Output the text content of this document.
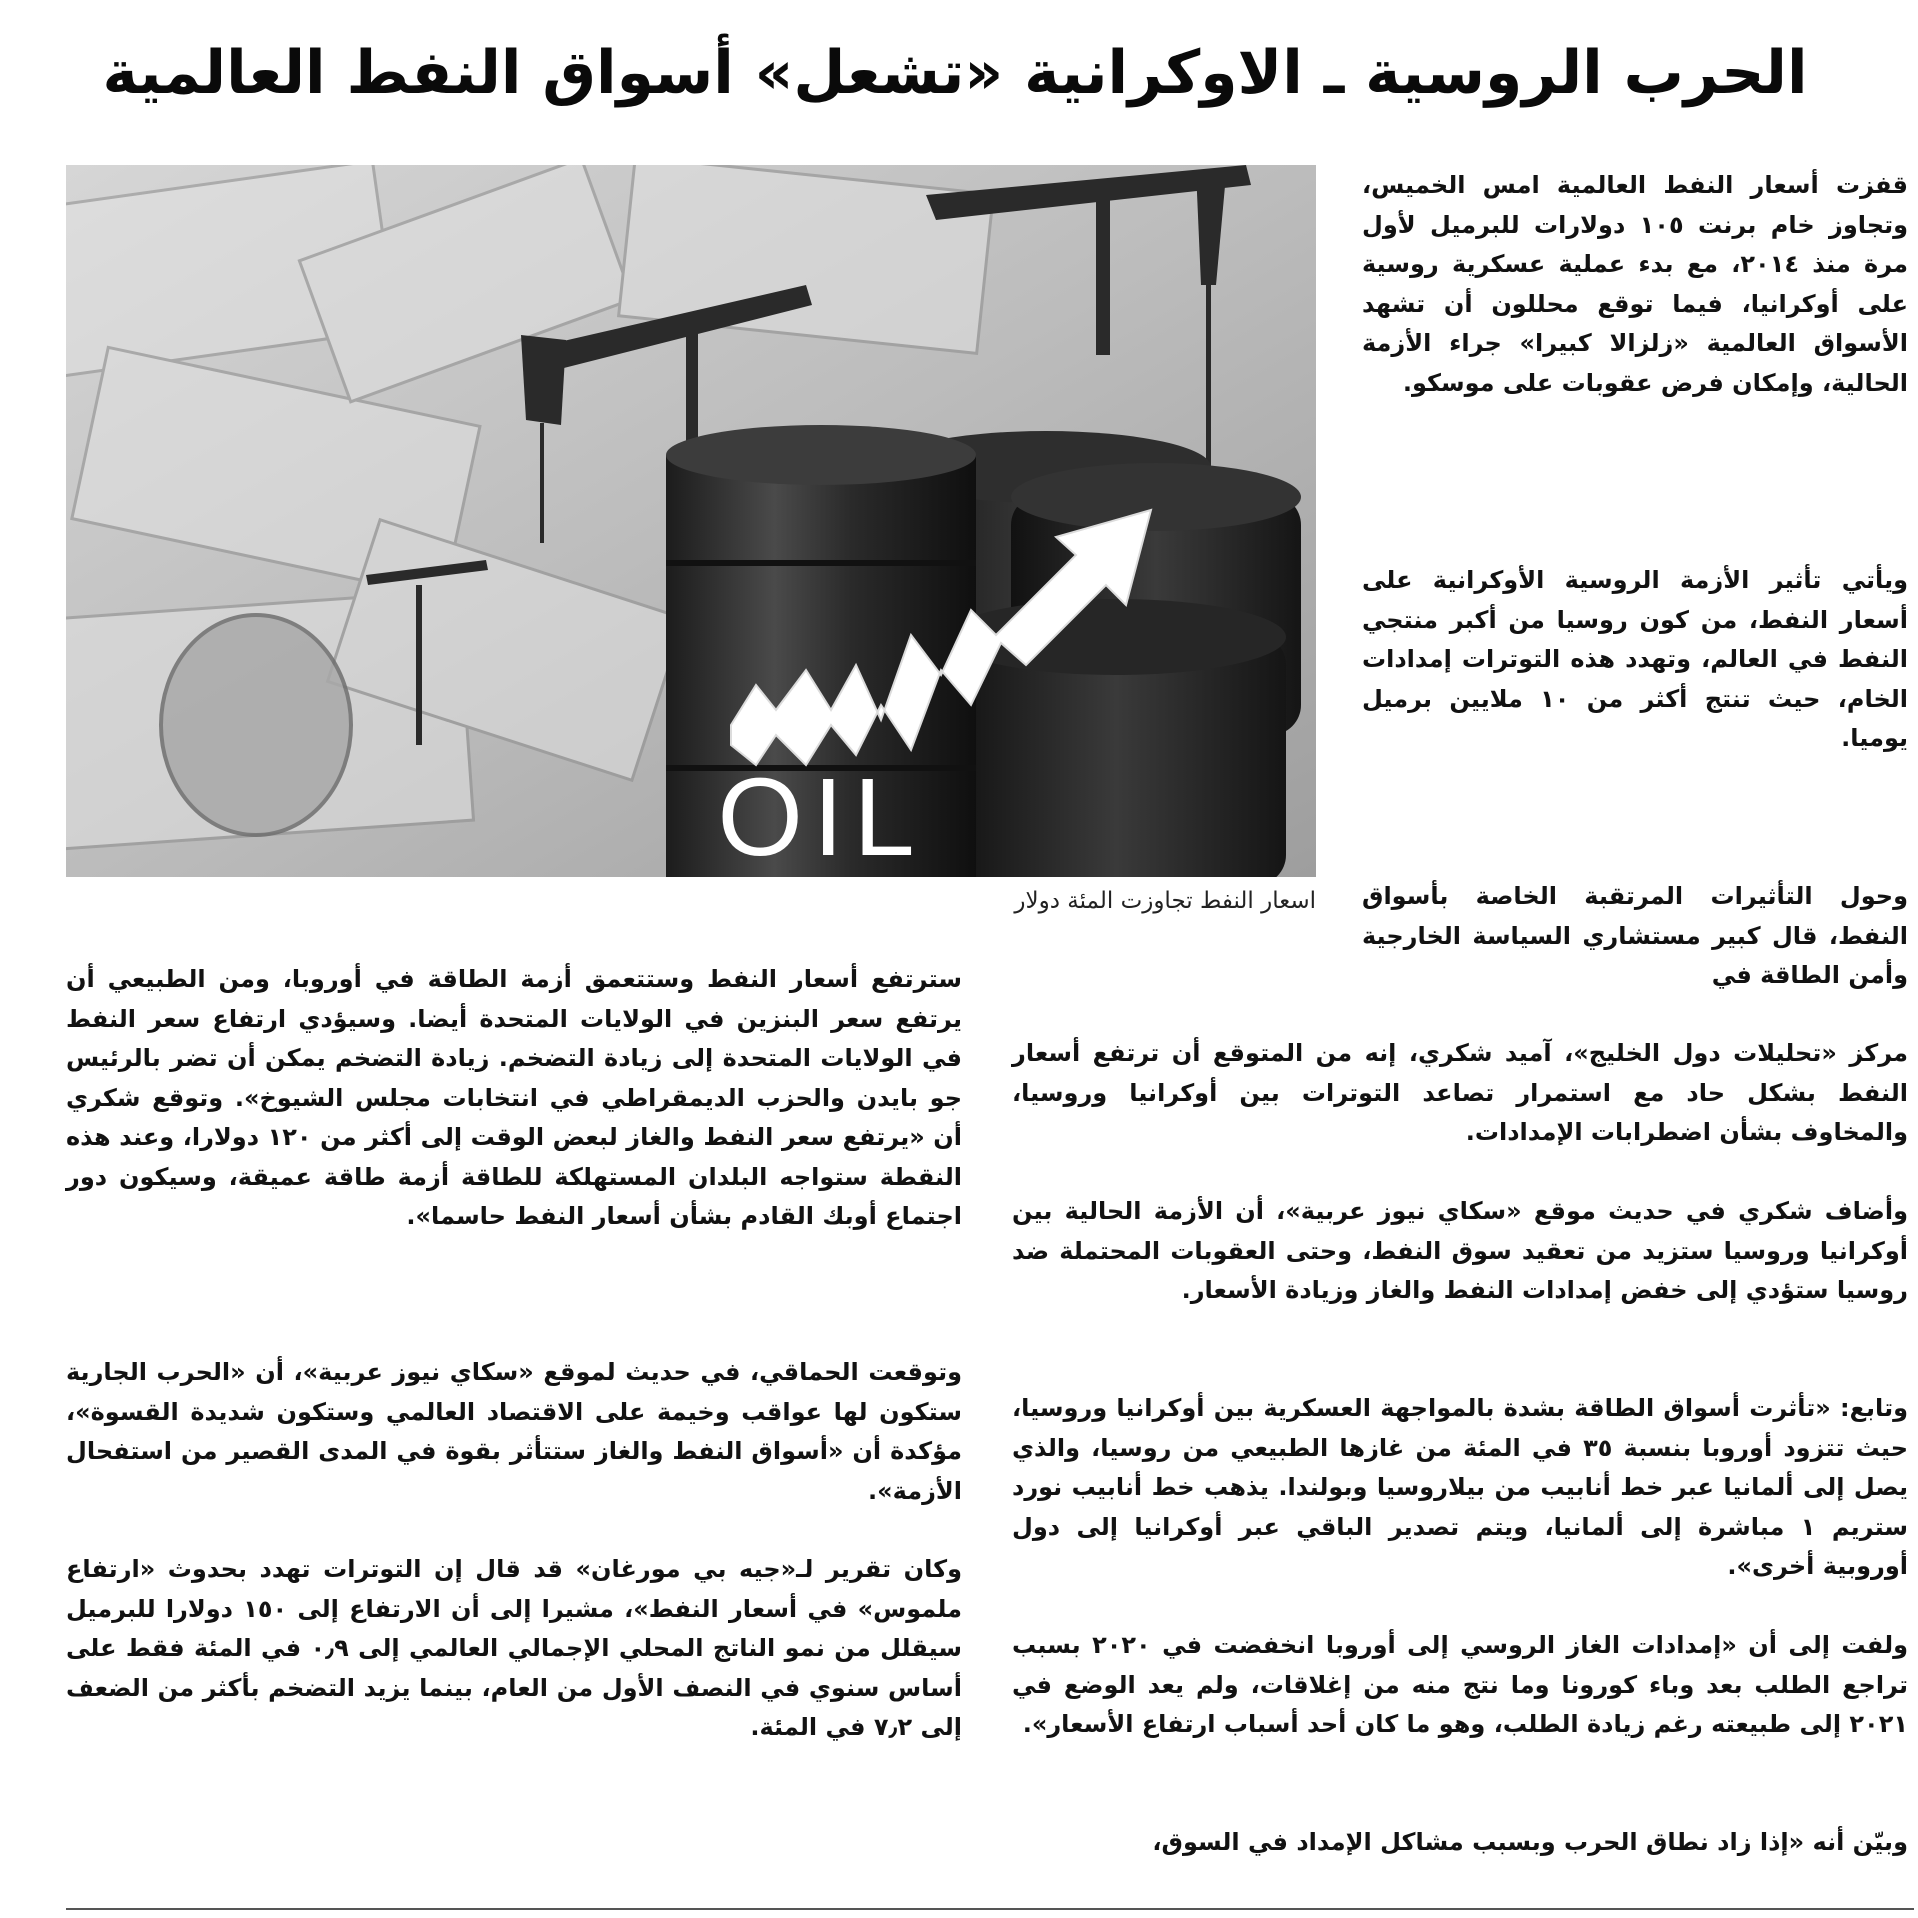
الحرب الروسية ـ الاوكرانية «تشعل» أسواق النفط العالمية

قفزت أسعار النفط العالمية امس الخميس، وتجاوز خام برنت ١٠٥ دولارات للبرميل لأول مرة منذ ٢٠١٤، مع بدء عملية عسكرية روسية على أوكرانيا، فيما توقع محللون أن تشهد الأسواق العالمية «زلزالا كبيرا» جراء الأزمة الحالية، وإمكان فرض عقوبات على موسكو.

ويأتي تأثير الأزمة الروسية الأوكرانية على أسعار النفط، من كون روسيا من أكبر منتجي النفط في العالم، وتهدد هذه التوترات إمدادات الخام، حيث تنتج أكثر من ١٠ ملايين برميل يوميا.

وحول التأثيرات المرتقبة الخاصة بأسواق النفط، قال كبير مستشاري السياسة الخارجية وأمن الطاقة في

مركز «تحليلات دول الخليج»، آميد شكري، إنه من المتوقع أن ترتفع أسعار النفط بشكل حاد مع استمرار تصاعد التوترات بين أوكرانيا وروسيا، والمخاوف بشأن اضطرابات الإمدادات.

وأضاف شكري في حديث موقع «سكاي نيوز عربية»، أن الأزمة الحالية بين أوكرانيا وروسيا ستزيد من تعقيد سوق النفط، وحتى العقوبات المحتملة ضد روسيا ستؤدي إلى خفض إمدادات النفط والغاز وزيادة الأسعار.

وتابع: «تأثرت أسواق الطاقة بشدة بالمواجهة العسكرية بين أوكرانيا وروسيا، حيث تتزود أوروبا بنسبة ٣٥ في المئة من غازها الطبيعي من روسيا، والذي يصل إلى ألمانيا عبر خط أنابيب من بيلاروسيا وبولندا. يذهب خط أنابيب نورد ستريم ١ مباشرة إلى ألمانيا، ويتم تصدير الباقي عبر أوكرانيا إلى دول أوروبية أخرى».

ولفت إلى أن «إمدادات الغاز الروسي إلى أوروبا انخفضت في ٢٠٢٠ بسبب تراجع الطلب بعد وباء كورونا وما نتج منه من إغلاقات، ولم يعد الوضع في ٢٠٢١ إلى طبيعته رغم زيادة الطلب، وهو ما كان أحد أسباب ارتفاع الأسعار».

وبيّن أنه «إذا زاد نطاق الحرب وبسبب مشاكل الإمداد في السوق،

سترتفع أسعار النفط وستتعمق أزمة الطاقة في أوروبا، ومن الطبيعي أن يرتفع سعر البنزين في الولايات المتحدة أيضا. وسيؤدي ارتفاع سعر النفط في الولايات المتحدة إلى زيادة التضخم. زيادة التضخم يمكن أن تضر بالرئيس جو بايدن والحزب الديمقراطي في انتخابات مجلس الشيوخ». وتوقع شكري أن «يرتفع سعر النفط والغاز لبعض الوقت إلى أكثر من ١٢٠ دولارا، وعند هذه النقطة ستواجه البلدان المستهلكة للطاقة أزمة طاقة عميقة، وسيكون دور اجتماع أوبك القادم بشأن أسعار النفط حاسما».

وتوقعت الحماقي، في حديث لموقع «سكاي نيوز عربية»، أن «الحرب الجارية ستكون لها عواقب وخيمة على الاقتصاد العالمي وستكون شديدة القسوة»، مؤكدة أن «أسواق النفط والغاز ستتأثر بقوة في المدى القصير من استفحال الأزمة».

وكان تقرير لـ«جيه بي مورغان» قد قال إن التوترات تهدد بحدوث «ارتفاع ملموس» في أسعار النفط»، مشيرا إلى أن الارتفاع إلى ١٥٠ دولارا للبرميل سيقلل من نمو الناتج المحلي الإجمالي العالمي إلى ٠٫٩ في المئة فقط على أساس سنوي في النصف الأول من العام، بينما يزيد التضخم بأكثر من الضعف إلى ٧٫٢ في المئة.

OIL

اسعار النفط تجاوزت المئة دولار
